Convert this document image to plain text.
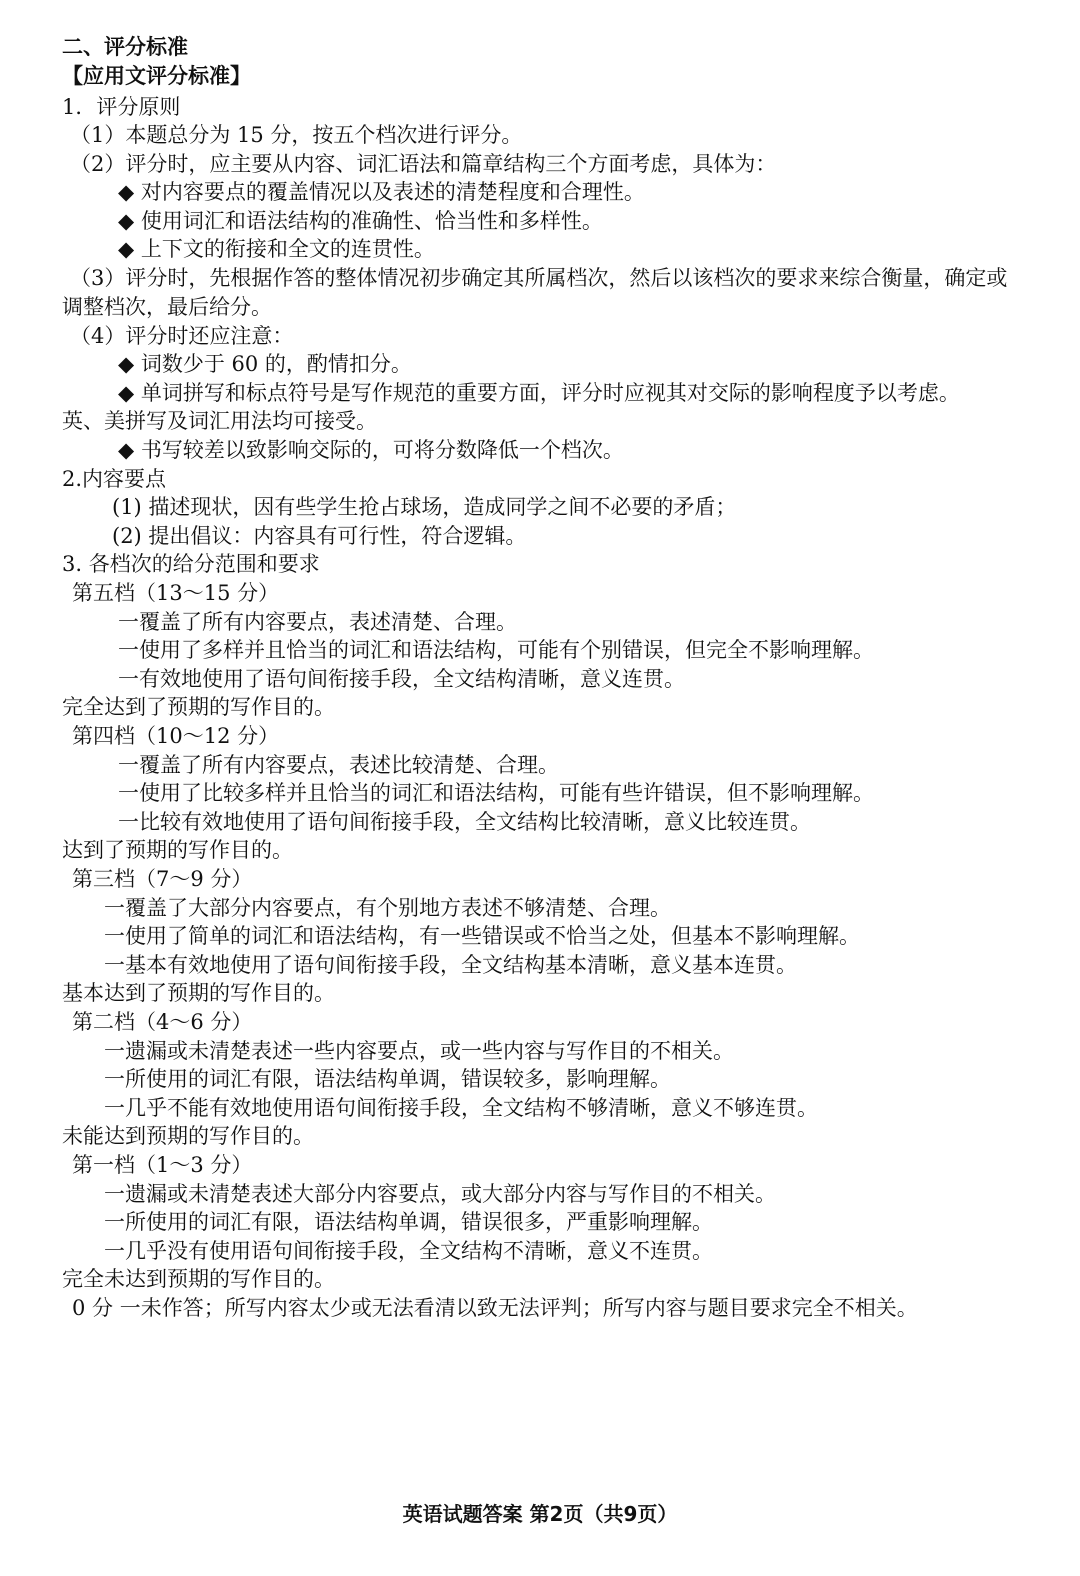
二、评分标准
【应用文评分标准】
1．评分原则
（1）本题总分为 15 分，按五个档次进行评分。
（2）评分时，应主要从内容、词汇语法和篇章结构三个方面考虑，具体为：
◆ 对内容要点的覆盖情况以及表述的清楚程度和合理性。
◆ 使用词汇和语法结构的准确性、恰当性和多样性。
◆ 上下文的衔接和全文的连贯性。
（3）评分时，先根据作答的整体情况初步确定其所属档次，然后以该档次的要求来综合衡量，确定或调整档次，最后给分。
（4）评分时还应注意：
◆ 词数少于 60 的，酌情扣分。
◆ 单词拼写和标点符号是写作规范的重要方面，评分时应视其对交际的影响程度予以考虑。
英、美拼写及词汇用法均可接受。
◆ 书写较差以致影响交际的，可将分数降低一个档次。
2.内容要点
(1) 描述现状，因有些学生抢占球场，造成同学之间不必要的矛盾；
(2) 提出倡议：内容具有可行性，符合逻辑。
3. 各档次的给分范围和要求
第五档（13～15 分）
一覆盖了所有内容要点，表述清楚、合理。
一使用了多样并且恰当的词汇和语法结构，可能有个别错误，但完全不影响理解。
一有效地使用了语句间衔接手段，全文结构清晰，意义连贯。
完全达到了预期的写作目的。
第四档（10～12 分）
一覆盖了所有内容要点，表述比较清楚、合理。
一使用了比较多样并且恰当的词汇和语法结构，可能有些许错误，但不影响理解。
一比较有效地使用了语句间衔接手段，全文结构比较清晰，意义比较连贯。
达到了预期的写作目的。
第三档（7～9 分）
一覆盖了大部分内容要点，有个别地方表述不够清楚、合理。
一使用了简单的词汇和语法结构，有一些错误或不恰当之处，但基本不影响理解。
一基本有效地使用了语句间衔接手段，全文结构基本清晰，意义基本连贯。
基本达到了预期的写作目的。
第二档（4～6 分）
一遗漏或未清楚表述一些内容要点，或一些内容与写作目的不相关。
一所使用的词汇有限，语法结构单调，错误较多，影响理解。
一几乎不能有效地使用语句间衔接手段，全文结构不够清晰，意义不够连贯。
未能达到预期的写作目的。
第一档（1～3 分）
一遗漏或未清楚表述大部分内容要点，或大部分内容与写作目的不相关。
一所使用的词汇有限，语法结构单调，错误很多，严重影响理解。
一几乎没有使用语句间衔接手段，全文结构不清晰，意义不连贯。
完全未达到预期的写作目的。
0 分 一未作答；所写内容太少或无法看清以致无法评判；所写内容与题目要求完全不相关。
英语试题答案 第2页（共9页）
